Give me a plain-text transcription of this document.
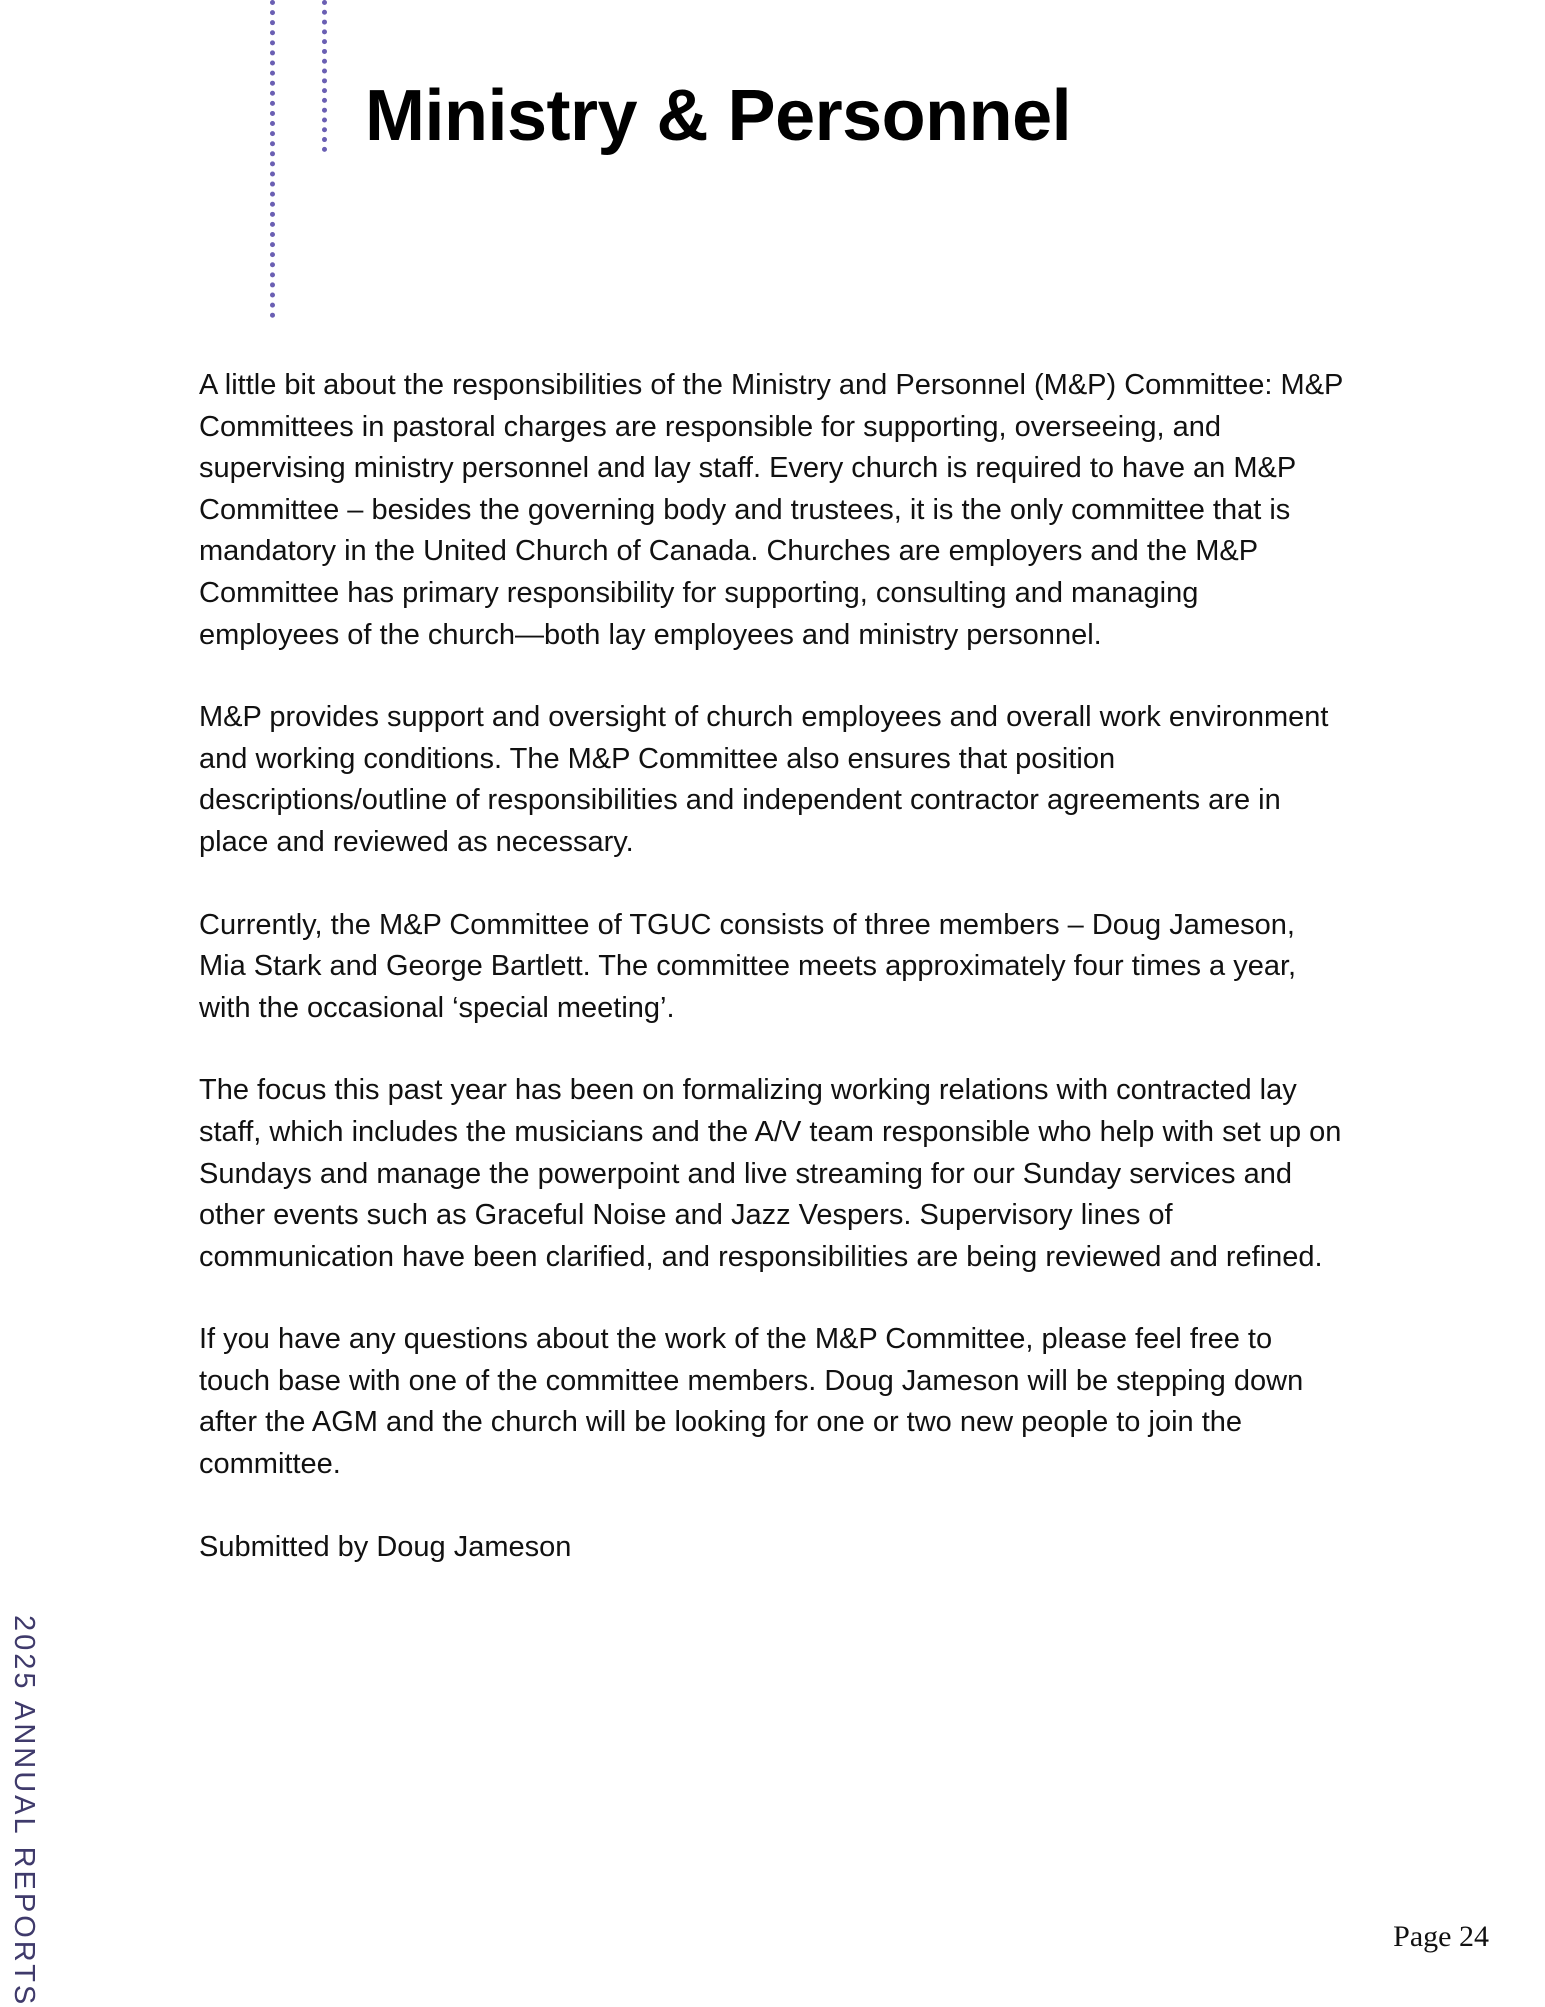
Ministry & Personnel

A little bit about the responsibilities of the Ministry and Personnel (M&P) Committee: M&P Committees in pastoral charges are responsible for supporting, overseeing, and supervising ministry personnel and lay staff. Every church is required to have an M&P Committee – besides the governing body and trustees, it is the only committee that is mandatory in the United Church of Canada. Churches are employers and the M&P Committee has primary responsibility for supporting, consulting and managing employees of the church—both lay employees and ministry personnel.

M&P provides support and oversight of church employees and overall work environment and working conditions. The M&P Committee also ensures that position descriptions/outline of responsibilities and independent contractor agreements are in place and reviewed as necessary.

Currently, the M&P Committee of TGUC consists of three members – Doug Jameson, Mia Stark and George Bartlett. The committee meets approximately four times a year, with the occasional ‘special meeting’.

The focus this past year has been on formalizing working relations with contracted lay staff, which includes the musicians and the A/V team responsible who help with set up on Sundays and manage the powerpoint and live streaming for our Sunday services and other events such as Graceful Noise and Jazz Vespers. Supervisory lines of communication have been clarified, and responsibilities are being reviewed and refined.

If you have any questions about the work of the M&P Committee, please feel free to touch base with one of the committee members. Doug Jameson will be stepping down after the AGM and the church will be looking for one or two new people to join the committee.

Submitted by Doug Jameson

2025 ANNUAL REPORTS	Page 24
